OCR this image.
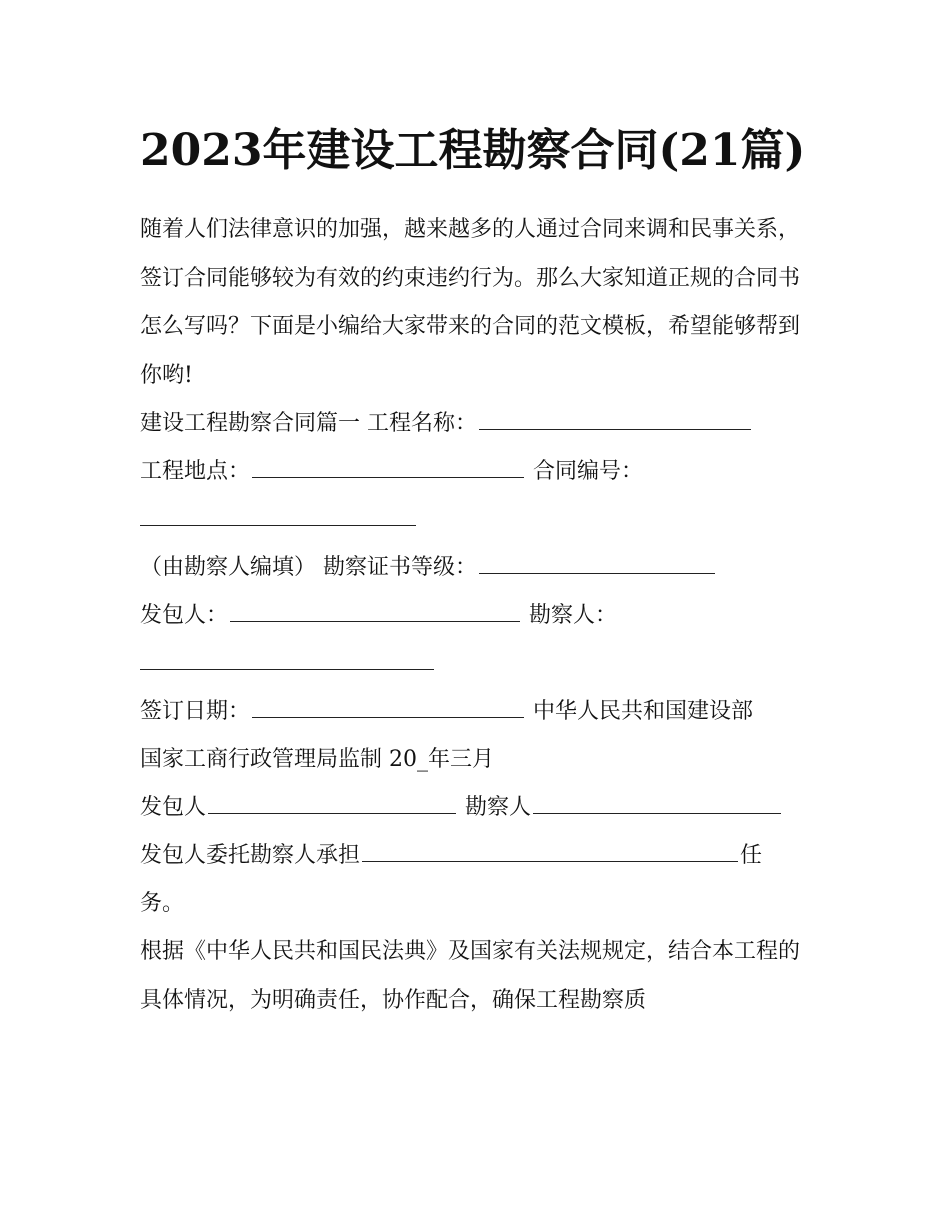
2023年建设工程勘察合同(21篇)

随着人们法律意识的加强，越来越多的人通过合同来调和民事关系，签订合同能够较为有效的约束违约行为。那么大家知道正规的合同书怎么写吗？下面是小编给大家带来的合同的范文模板，希望能够帮到你哟!

建设工程勘察合同篇一 工程名称：

工程地点：	合同编号：

（由勘察人编填） 勘察证书等级：

发包人：	勘察人：

签订日期：	中华人民共和国建设部

国家工商行政管理局监制 20_年三月

发包人	勘察人

发包人委托勘察人承担	任

务。

根据《中华人民共和国民法典》及国家有关法规规定，结合本工程的具体情况，为明确责任，协作配合，确保工程勘察质
